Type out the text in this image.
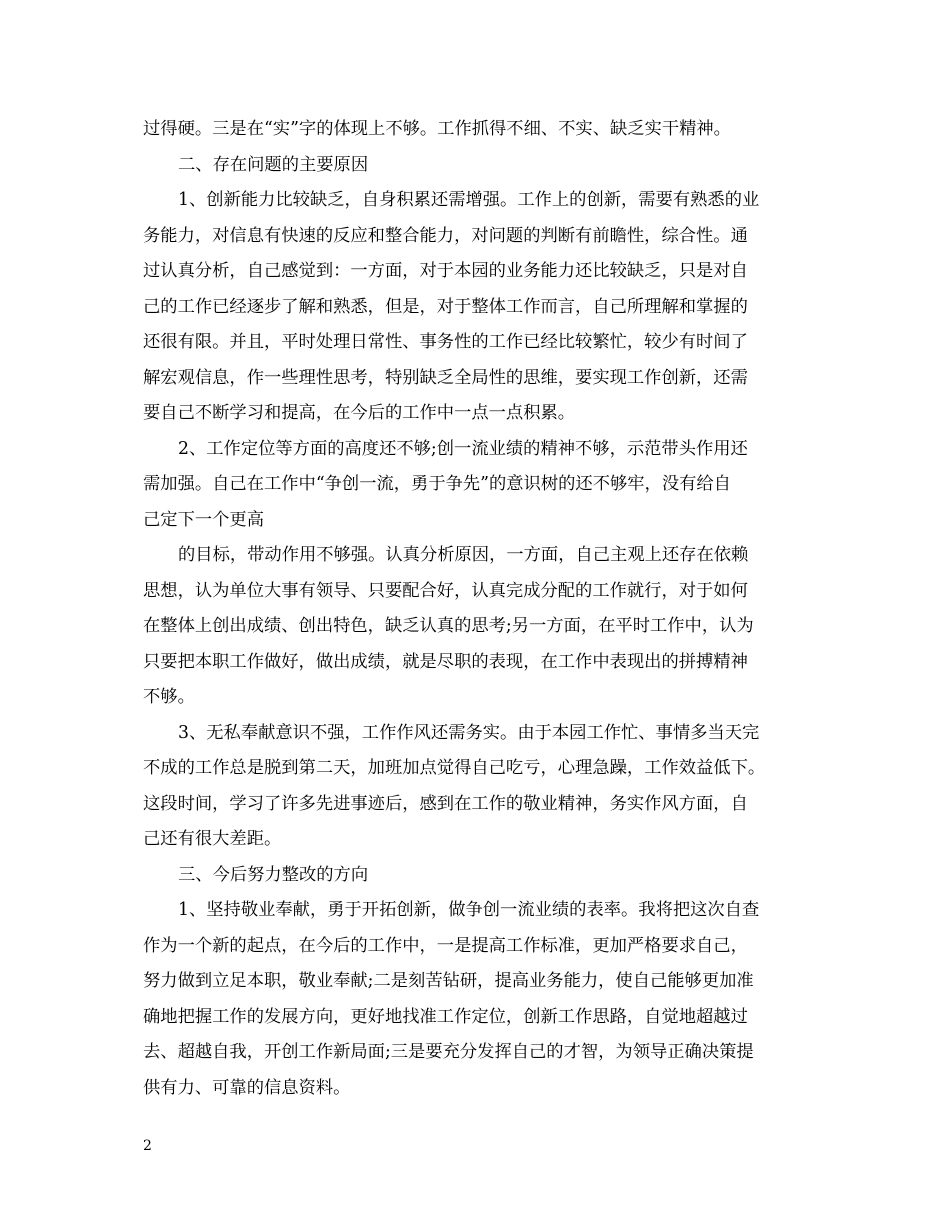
过得硬。三是在“实”字的体现上不够。工作抓得不细、不实、缺乏实干精神。
二、存在问题的主要原因
1、创新能力比较缺乏，自身积累还需增强。工作上的创新，需要有熟悉的业
务能力，对信息有快速的反应和整合能力，对问题的判断有前瞻性，综合性。通
过认真分析，自己感觉到：一方面，对于本园的业务能力还比较缺乏，只是对自
己的工作已经逐步了解和熟悉，但是，对于整体工作而言，自己所理解和掌握的
还很有限。并且，平时处理日常性、事务性的工作已经比较繁忙，较少有时间了
解宏观信息，作一些理性思考，特别缺乏全局性的思维，要实现工作创新，还需
要自己不断学习和提高，在今后的工作中一点一点积累。
2、工作定位等方面的高度还不够;创一流业绩的精神不够，示范带头作用还
需加强。自己在工作中“争创一流，勇于争先”的意识树的还不够牢，没有给自
己定下一个更高
的目标，带动作用不够强。认真分析原因，一方面，自己主观上还存在依赖
思想，认为单位大事有领导、只要配合好，认真完成分配的工作就行，对于如何
在整体上创出成绩、创出特色，缺乏认真的思考;另一方面，在平时工作中，认为
只要把本职工作做好，做出成绩，就是尽职的表现，在工作中表现出的拼搏精神
不够。
3、无私奉献意识不强，工作作风还需务实。由于本园工作忙、事情多当天完
不成的工作总是脱到第二天，加班加点觉得自己吃亏，心理急躁，工作效益低下。
这段时间，学习了许多先进事迹后，感到在工作的敬业精神，务实作风方面，自
己还有很大差距。
三、今后努力整改的方向
1、坚持敬业奉献，勇于开拓创新，做争创一流业绩的表率。我将把这次自查
作为一个新的起点，在今后的工作中，一是提高工作标准，更加严格要求自己，
努力做到立足本职，敬业奉献;二是刻苦钻研，提高业务能力，使自己能够更加准
确地把握工作的发展方向，更好地找准工作定位，创新工作思路，自觉地超越过
去、超越自我，开创工作新局面;三是要充分发挥自己的才智，为领导正确决策提
供有力、可靠的信息资料。
2
